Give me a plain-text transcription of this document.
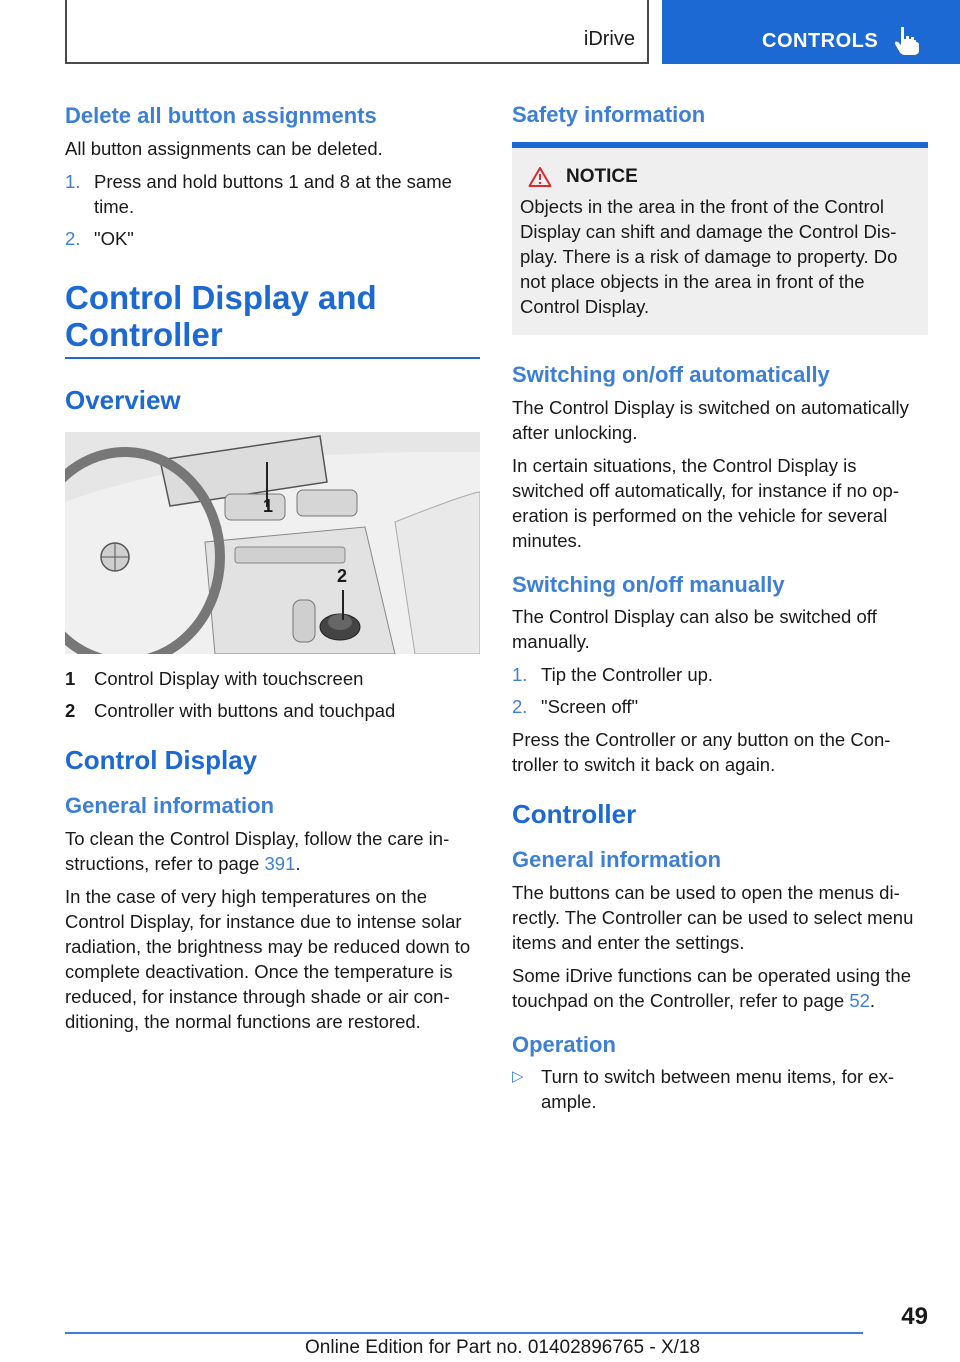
iDrive	CONTROLS
Delete all button assignments

All button assignments can be deleted.

1. Press and hold buttons 1 and 8 at the same time.
2. "OK"
Control Display and
Controller
Overview
1
2
1	Control Display with touchscreen
2	Controller with buttons and touchpad
Control Display
General information

To clean the Control Display, follow the care in‐structions, refer to page 391.

In the case of very high temperatures on the Control Display, for instance due to intense solar radiation, the brightness may be reduced down to complete deactivation. Once the temperature is reduced, for instance through shade or air con‐ditioning, the normal functions are restored.

Safety information
NOTICE
Objects in the area in the front of the Control Display can shift and damage the Control Dis‐play. There is a risk of damage to property. Do not place objects in the area in front of the Control Display.
Switching on/off automatically

The Control Display is switched on automatically after unlocking.

In certain situations, the Control Display is switched off automatically, for instance if no op‐eration is performed on the vehicle for several minutes.

Switching on/off manually

The Control Display can also be switched off manually.

1. Tip the Controller up.
2. "Screen off"

Press the Controller or any button on the Con‐troller to switch it back on again.

Controller
General information

The buttons can be used to open the menus di‐rectly. The Controller can be used to select menu items and enter the settings.

Some iDrive functions can be operated using the touchpad on the Controller, refer to page 52.

Operation
▷ Turn to switch between menu items, for ex‐ample.
49
Online Edition for Part no. 01402896765 - X/18
